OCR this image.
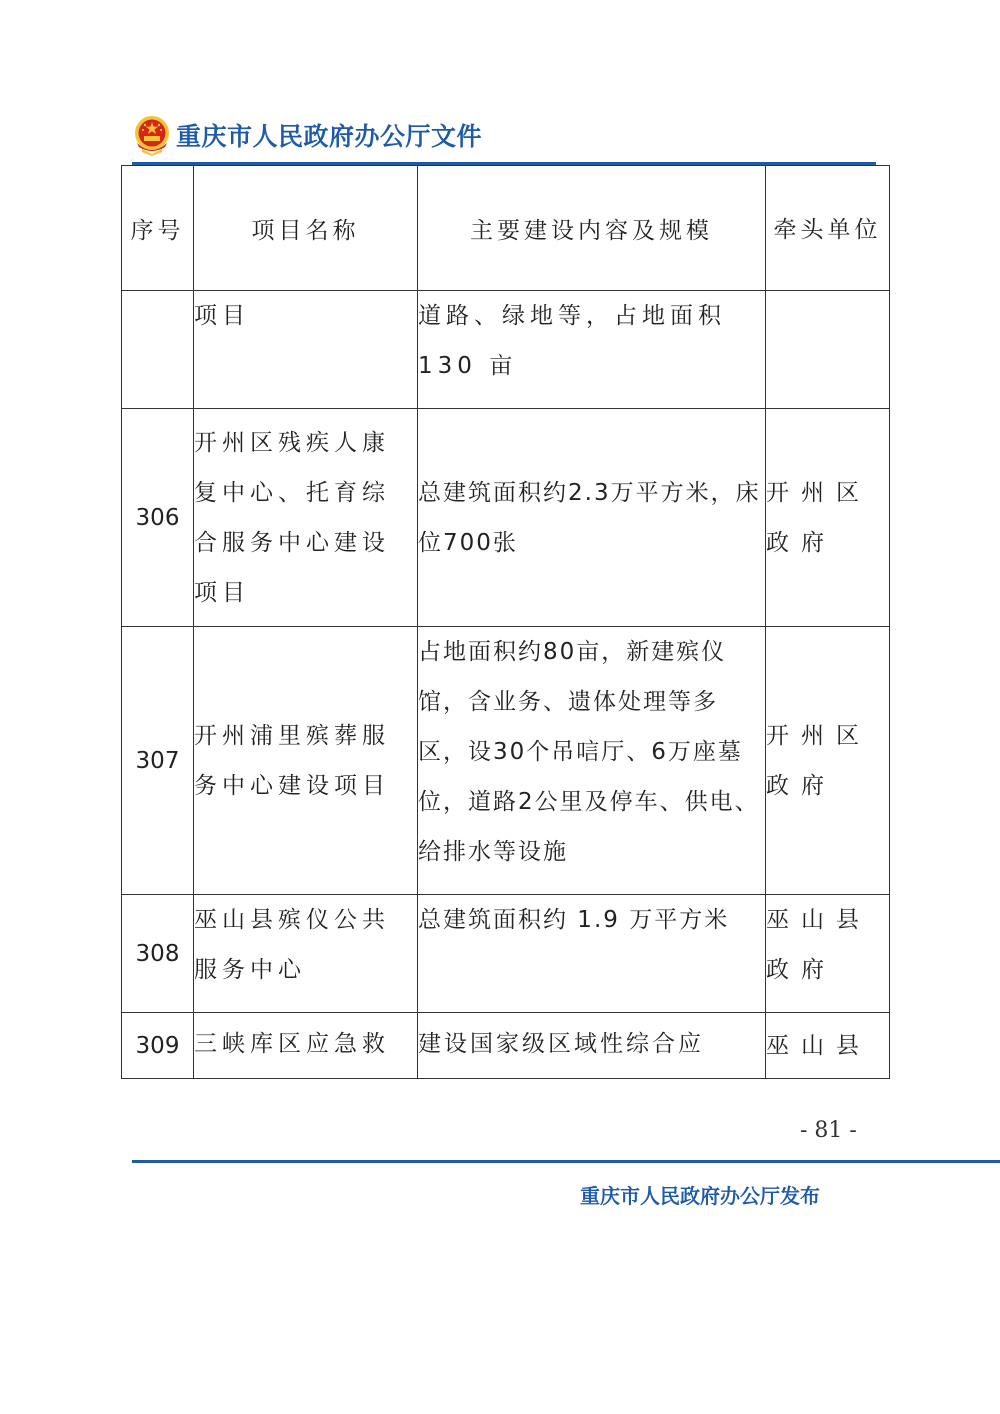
重庆市人民政府办公厅文件
序号	项目名称	主要建设内容及规模	牵头单位
	项目	道路、绿地等，占地面积 130 亩	
306	开州区残疾人康复中心、托育综合服务中心建设项目	总建筑面积约2.3万平方米，床位700张	开州区政府
307	开州浦里殡葬服务中心建设项目	占地面积约80亩，新建殡仪馆，含业务、遗体处理等多区，设30个吊唁厅、6万座墓位，道路2公里及停车、供电、给排水等设施	开州区政府
308	巫山县殡仪公共服务中心	总建筑面积约 1.9 万平方米	巫山县政府
309	三峡库区应急救	建设国家级区域性综合应	巫山县
- 81 -
重庆市人民政府办公厅发布
